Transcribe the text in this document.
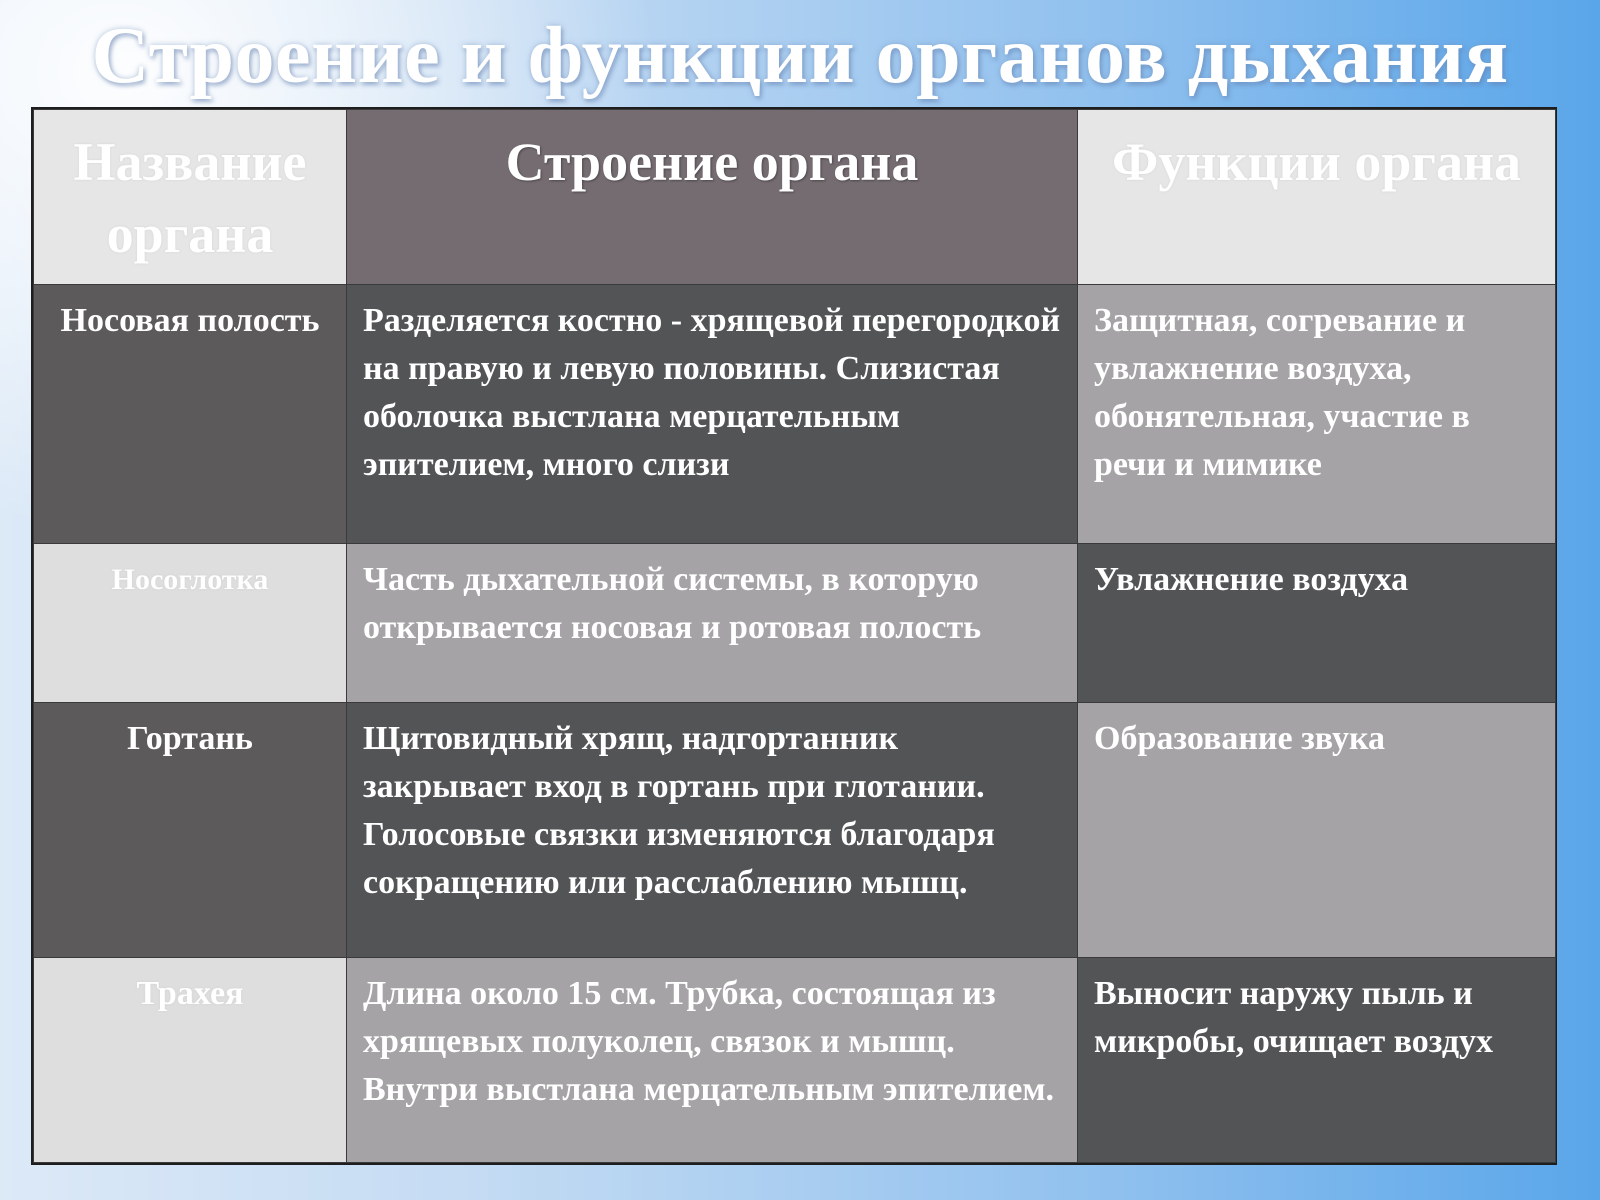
Строение и функции органов дыхания
Название органа	Строение органа	Функции органа
Носовая полость	Разделяется костно - хрящевой перегородкой на правую и левую половины. Слизистая оболочка выстлана мерцательным эпителием, много слизи	Защитная, согревание и увлажнение воздуха, обонятельная, участие в речи и мимике
Носоглотка	Часть дыхательной системы, в которую открывается носовая и ротовая полость	Увлажнение воздуха
Гортань	Щитовидный хрящ, надгортанник закрывает вход в гортань при глотании. Голосовые связки изменяются благодаря сокращению или расслаблению мышц.	Образование звука
Трахея	Длина около 15 см. Трубка, состоящая из хрящевых полуколец, связок и мышц. Внутри выстлана мерцательным эпителием.	Выносит наружу пыль и микробы, очищает воздух
